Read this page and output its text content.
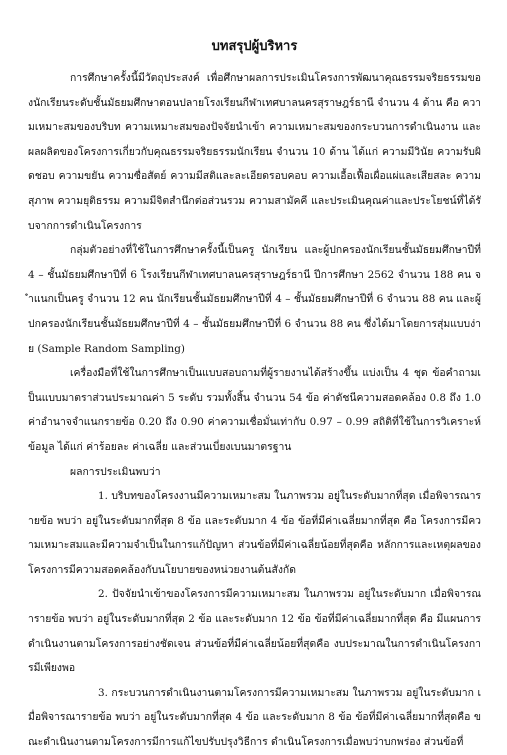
บทสรุปผู้บริหาร

การศึกษาครั้งนี้มีวัตถุประสงค์ เพื่อศึกษาผลการประเมินโครงการพัฒนาคุณธรรมจริยธรรมของนักเรียนระดับชั้นมัธยมศึกษาตอนปลายโรงเรียนกีฬาเทศบาลนครสุราษฎร์ธานี จำนวน 4 ด้าน คือ ความเหมาะสมของบริบท ความเหมาะสมของปัจจัยนำเข้า ความเหมาะสมของกระบวนการดำเนินงาน และผลผลิตของโครงการเกี่ยวกับคุณธรรมจริยธรรมนักเรียน จำนวน 10 ด้าน ได้แก่ ความมีวินัย ความรับผิดชอบ ความขยัน ความซื่อสัตย์ ความมีสติและละเอียดรอบคอบ ความเอื้อเฟื้อเผื่อแผ่และเสียสละ ความสุภาพ ความยุติธรรม ความมีจิตสำนึกต่อส่วนรวม ความสามัคคี และประเมินคุณค่าและประโยชน์ที่ได้รับจากการดำเนินโครงการ

กลุ่มตัวอย่างที่ใช้ในการศึกษาครั้งนี้เป็นครู นักเรียน และผู้ปกครองนักเรียนชั้นมัธยมศึกษาปีที่ 4 – ชั้นมัธยมศึกษาปีที่ 6 โรงเรียนกีฬาเทศบาลนครสุราษฎร์ธานี ปีการศึกษา 2562 จำนวน 188 คน จำแนกเป็นครู จำนวน 12 คน นักเรียนชั้นมัธยมศึกษาปีที่ 4 – ชั้นมัธยมศึกษาปีที่ 6 จำนวน 88 คน และผู้ปกครองนักเรียนชั้นมัธยมศึกษาปีที่ 4 – ชั้นมัธยมศึกษาปีที่ 6 จำนวน 88 คน ซึ่งได้มาโดยการสุ่มแบบง่าย (Sample Random Sampling)

เครื่องมือที่ใช้ในการศึกษาเป็นแบบสอบถามที่ผู้รายงานได้สร้างขึ้น แบ่งเป็น 4 ชุด ข้อคำถามเป็นแบบมาตราส่วนประมาณค่า 5 ระดับ รวมทั้งสิ้น จำนวน 54 ข้อ ค่าดัชนีความสอดคล้อง 0.8 ถึง 1.0 ค่าอำนาจจำแนกรายข้อ 0.20 ถึง 0.90 ค่าความเชื่อมั่นเท่ากับ 0.97 – 0.99 สถิติที่ใช้ในการวิเคราะห์ข้อมูล ได้แก่ ค่าร้อยละ ค่าเฉลี่ย และส่วนเบี่ยงเบนมาตรฐาน

ผลการประเมินพบว่า

1. บริบทของโครงงานมีความเหมาะสม ในภาพรวม อยู่ในระดับมากที่สุด เมื่อพิจารณารายข้อ พบว่า อยู่ในระดับมากที่สุด 8 ข้อ และระดับมาก 4 ข้อ ข้อที่มีค่าเฉลี่ยมากที่สุด คือ โครงการมีความเหมาะสมและมีความจำเป็นในการแก้ปัญหา ส่วนข้อที่มีค่าเฉลี่ยน้อยที่สุดคือ หลักการและเหตุผลของโครงการมีความสอดคล้องกับนโยบายของหน่วยงานต้นสังกัด

2. ปัจจัยนำเข้าของโครงการมีความเหมาะสม ในภาพรวม อยู่ในระดับมาก เมื่อพิจารณารายข้อ พบว่า อยู่ในระดับมากที่สุด 2 ข้อ และระดับมาก 12 ข้อ ข้อที่มีค่าเฉลี่ยมากที่สุด คือ มีแผนการดำเนินงานตามโครงการอย่างชัดเจน ส่วนข้อที่มีค่าเฉลี่ยน้อยที่สุดคือ งบประมาณในการดำเนินโครงการมีเพียงพอ

3. กระบวนการดำเนินงานตามโครงการมีความเหมาะสม ในภาพรวม อยู่ในระดับมาก เมื่อพิจารณารายข้อ พบว่า อยู่ในระดับมากที่สุด 4 ข้อ และระดับมาก 8 ข้อ ข้อที่มีค่าเฉลี่ยมากที่สุดคือ ขณะดำเนินงานตามโครงการมีการแก้ไขปรับปรุงวิธีการ ดำเนินโครงการเมื่อพบว่าบกพร่อง ส่วนข้อที่
